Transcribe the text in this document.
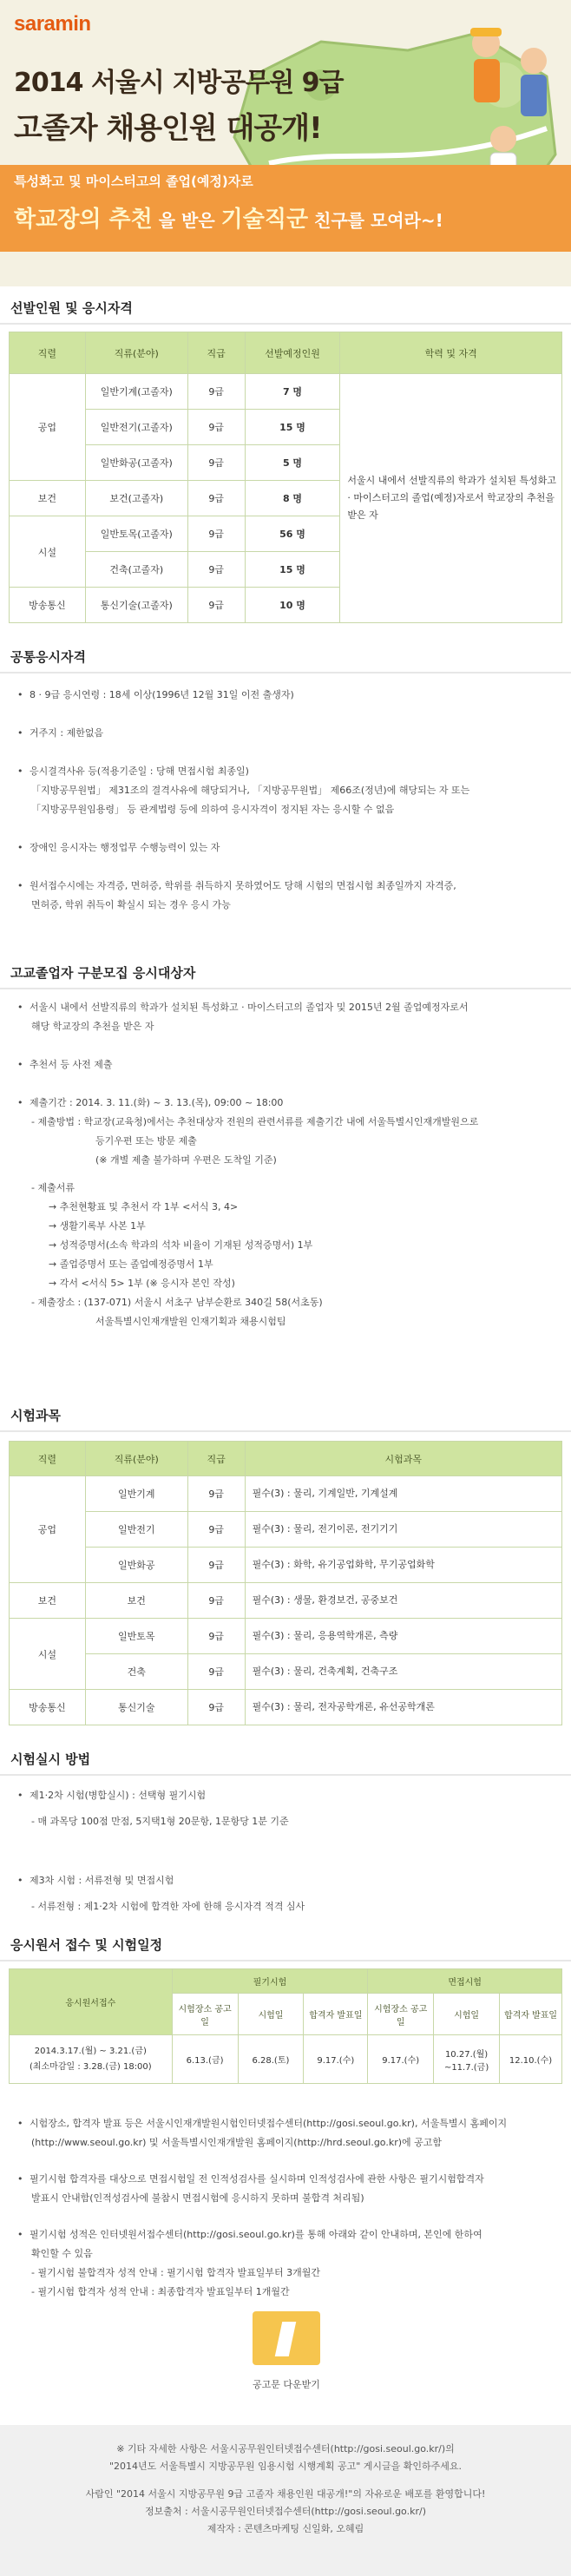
saramin
2014 서울시 지방공무원 9급
고졸자 채용인원 대공개!
특성화고 및 마이스터고의 졸업(예정)자로
학교장의 추천 을 받은 기술직군 친구를 모여라~!
선발인원 및 응시자격
직렬	직류(분야)	직급	선발예정인원	학력 및 자격
공업	일반기계(고졸자)	9급	7 명	서울시 내에서 선발직류의 학과가 설치된 특성화고 · 마이스터고의 졸업(예정)자로서 학교장의 추천을 받은 자
	일반전기(고졸자)	9급	15 명	
	일반화공(고졸자)	9급	5 명	
보건	보건(고졸자)	9급	8 명	
시설	일반토목(고졸자)	9급	56 명	
	건축(고졸자)	9급	15 명	
방송통신	통신기술(고졸자)	9급	10 명	
공통응시자격
• 8 · 9급 응시연령 : 18세 이상(1996년 12월 31일 이전 출생자)
• 거주지 : 제한없음
• 응시결격사유 등(적용기준일 : 당해 면접시험 최종일)
「지방공무원법」 제31조의 결격사유에 해당되거나, 「지방공무원법」 제66조(정년)에 해당되는 자 또는
「지방공무원임용령」 등 관계법령 등에 의하여 응시자격이 정지된 자는 응시할 수 없음
• 장애인 응시자는 행정업무 수행능력이 있는 자
• 원서접수시에는 자격증, 면허증, 학위를 취득하지 못하였어도 당해 시험의 면접시험 최종일까지 자격증,
면허증, 학위 취득이 확실시 되는 경우 응시 가능
고교졸업자 구분모집 응시대상자
• 서울시 내에서 선발직류의 학과가 설치된 특성화고 · 마이스터고의 졸업자 및 2015년 2월 졸업예정자로서
해당 학교장의 추천을 받은 자
• 추천서 등 사전 제출
• 제출기간 : 2014. 3. 11.(화) ~ 3. 13.(목), 09:00 ~ 18:00
- 제출방법 : 학교장(교육청)에서는 추천대상자 전원의 관련서류를 제출기간 내에 서울특별시인재개발원으로
등기우편 또는 방문 제출
(※ 개별 제출 불가하며 우편은 도착일 기준)
- 제출서류
→ 추천현황표 및 추천서 각 1부 <서식 3, 4>
→ 생활기록부 사본 1부
→ 성적증명서(소속 학과의 석차 비율이 기재된 성적증명서) 1부
→ 졸업증명서 또는 졸업예정증명서 1부
→ 각서 <서식 5> 1부 (※ 응시자 본인 작성)
- 제출장소 : (137-071) 서울시 서초구 남부순환로 340길 58(서초동)
서울특별시인재개발원 인재기획과 채용시험팀
시험과목
직렬	직류(분야)	직급	시험과목
공업	일반기계	9급	필수(3) : 물리, 기계일반, 기계설계
	일반전기	9급	필수(3) : 물리, 전기이론, 전기기기
	일반화공	9급	필수(3) : 화학, 유기공업화학, 무기공업화학
보건	보건	9급	필수(3) : 생물, 환경보건, 공중보건
시설	일반토목	9급	필수(3) : 물리, 응용역학개론, 측량
	건축	9급	필수(3) : 물리, 건축계획, 건축구조
방송통신	통신기술	9급	필수(3) : 물리, 전자공학개론, 유선공학개론
시험실시 방법
• 제1·2차 시험(병합실시) : 선택형 필기시험
- 매 과목당 100점 만점, 5지택1형 20문항, 1문항당 1분 기준
• 제3차 시험 : 서류전형 및 면접시험
- 서류전형 : 제1·2차 시험에 합격한 자에 한해 응시자격 적격 심사
응시원서 접수 및 시험일정
응시원서접수	필기시험			면접시험		
	시험장소 공고일	시험일	합격자 발표일	시험장소 공고일	시험일	합격자 발표일

2014.3.17.(월) ~ 3.21.(금)
(최소마감일 : 3.28.(금) 18:00)	6.13.(금)	6.28.(토)	9.17.(수)	9.17.(수)	10.27.(월) ~11.7.(금)	12.10.(수)
• 시험장소, 합격자 발표 등은 서울시인재개발원시험인터넷접수센터(http://gosi.seoul.go.kr), 서울특별시 홈페이지
(http://www.seoul.go.kr) 및 서울특별시인재개발원 홈페이지(http://hrd.seoul.go.kr)에 공고함
• 필기시험 합격자를 대상으로 면접시험일 전 인적성검사를 실시하며 인적성검사에 관한 사항은 필기시험합격자
발표시 안내함(인적성검사에 불참시 면접시험에 응시하지 못하며 불합격 처리됨)
• 필기시험 성적은 인터넷원서접수센터(http://gosi.seoul.go.kr)를 통해 아래와 같이 안내하며, 본인에 한하여
확인할 수 있음
- 필기시험 불합격자 성적 안내 : 필기시험 합격자 발표일부터 3개월간
- 필기시험 합격자 성적 안내 : 최종합격자 발표일부터 1개월간
공고문 다운받기
※ 기타 자세한 사항은 서울시공무원인터넷접수센터(http://gosi.seoul.go.kr/)의
"2014년도 서울특별시 지방공무원 임용시험 시행계획 공고" 게시글을 확인하주세요.
사람인 "2014 서울시 지방공무원 9급 고졸자 채용인원 대공개!"의 자유로운 배포를 환영합니다!
정보출처 : 서울시공무원인터넷접수센터(http://gosi.seoul.go.kr/)
제작자 : 콘텐츠마케팅 신일화, 오혜림
